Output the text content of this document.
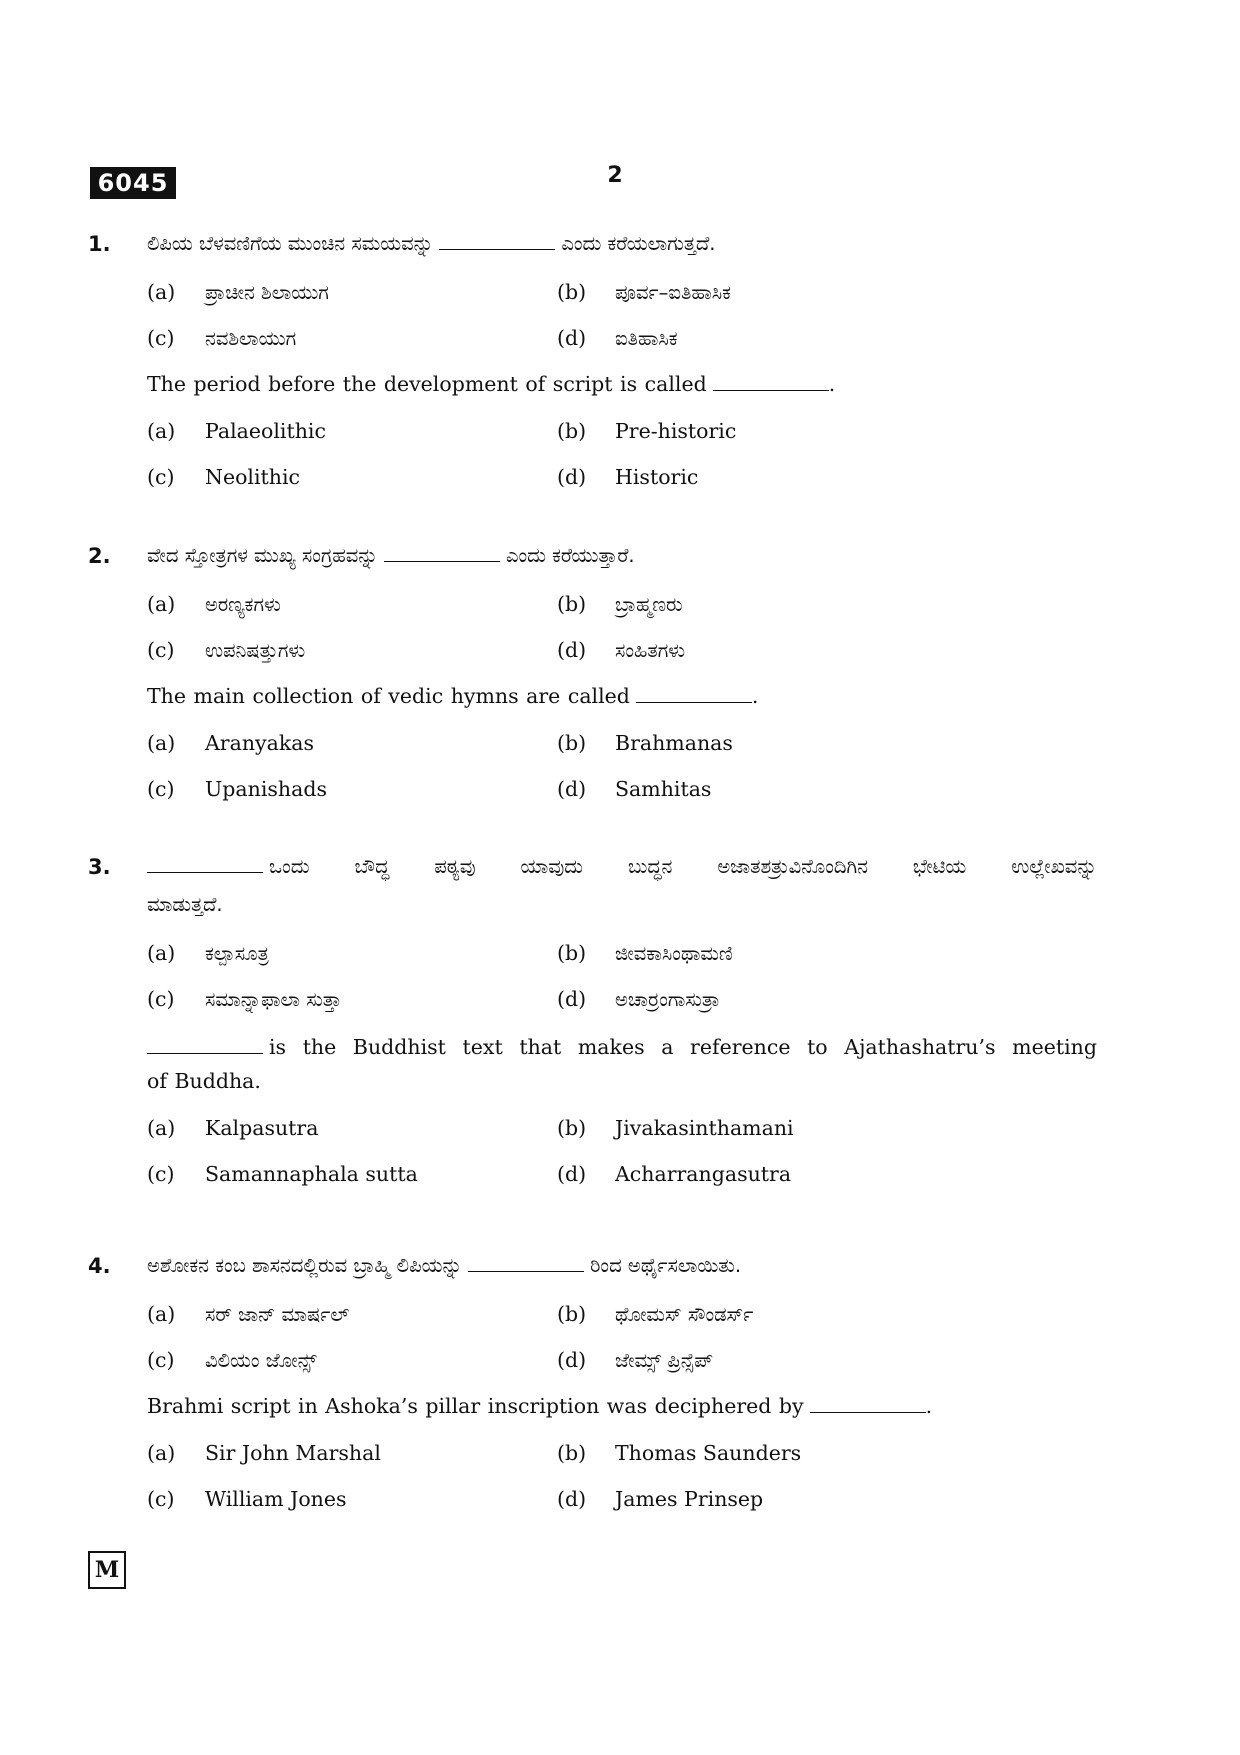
6045	2
1.	ಲಿಪಿಯ ಬೆಳವಣಿಗೆಯ ಮುಂಚಿನ ಸಮಯವನ್ನು	ಎಂದು ಕರೆಯಲಾಗುತ್ತದೆ.
(a) ಪ್ರಾಚೀನ ಶಿಲಾಯುಗ	(b) ಪೂರ್ವ–ಐತಿಹಾಸಿಕ
(c) ನವಶಿಲಾಯುಗ	(d) ಐತಿಹಾಸಿಕ
The period before the development of script is called	.
(a) Palaeolithic	(b) Pre-historic
(c) Neolithic	(d) Historic
2.	ವೇದ ಸ್ತೋತ್ರಗಳ ಮುಖ್ಯ ಸಂಗ್ರಹವನ್ನು	ಎಂದು ಕರೆಯುತ್ತಾರೆ.
(a) ಅರಣ್ಯಕಗಳು	(b) ಬ್ರಾಹ್ಮಣರು
(c) ಉಪನಿಷತ್ತುಗಳು	(d) ಸಂಹಿತಗಳು
The main collection of vedic hymns are called	.
(a) Aranyakas	(b) Brahmanas
(c) Upanishads	(d) Samhitas
3.	ಒಂದು ಬೌದ್ಧ ಪಠ್ಯವು ಯಾವುದು ಬುದ್ಧನ ಅಜಾತಶತ್ರುವಿನೊಂದಿಗಿನ ಭೇಟಿಯ ಉಲ್ಲೇಖವನ್ನು
ಮಾಡುತ್ತದೆ.
(a) ಕಲ್ಪಾಸೂತ್ರ	(b) ಜೀವಕಾಸಿಂಥಾಮಣಿ
(c) ಸಮಾನ್ನಾಫಾಲಾ ಸುತ್ತಾ	(d) ಅಚಾರ್ರಂಗಾಸುತ್ರಾ
is the Buddhist text that makes a reference to Ajathashatru’s meeting
of Buddha.
(a) Kalpasutra	(b) Jivakasinthamani
(c) Samannaphala sutta	(d) Acharrangasutra
4.	ಅಶೋಕನ ಕಂಬ ಶಾಸನದಲ್ಲಿರುವ ಬ್ರಾಹ್ಮಿ ಲಿಪಿಯನ್ನು	ರಿಂದ ಅರ್ಥೈಸಲಾಯಿತು.
(a) ಸರ್ ಜಾನ್ ಮಾರ್ಷಲ್	(b) ಥೋಮಸ್ ಸೌಂಡರ್ಸ್
(c) ವಿಲಿಯಂ ಜೋನ್ಸ್	(d) ಜೇಮ್ಸ್ ಪ್ರಿನ್ಸೆಪ್
Brahmi script in Ashoka’s pillar inscription was deciphered by	.
(a) Sir John Marshal	(b) Thomas Saunders
(c) William Jones	(d) James Prinsep
M
